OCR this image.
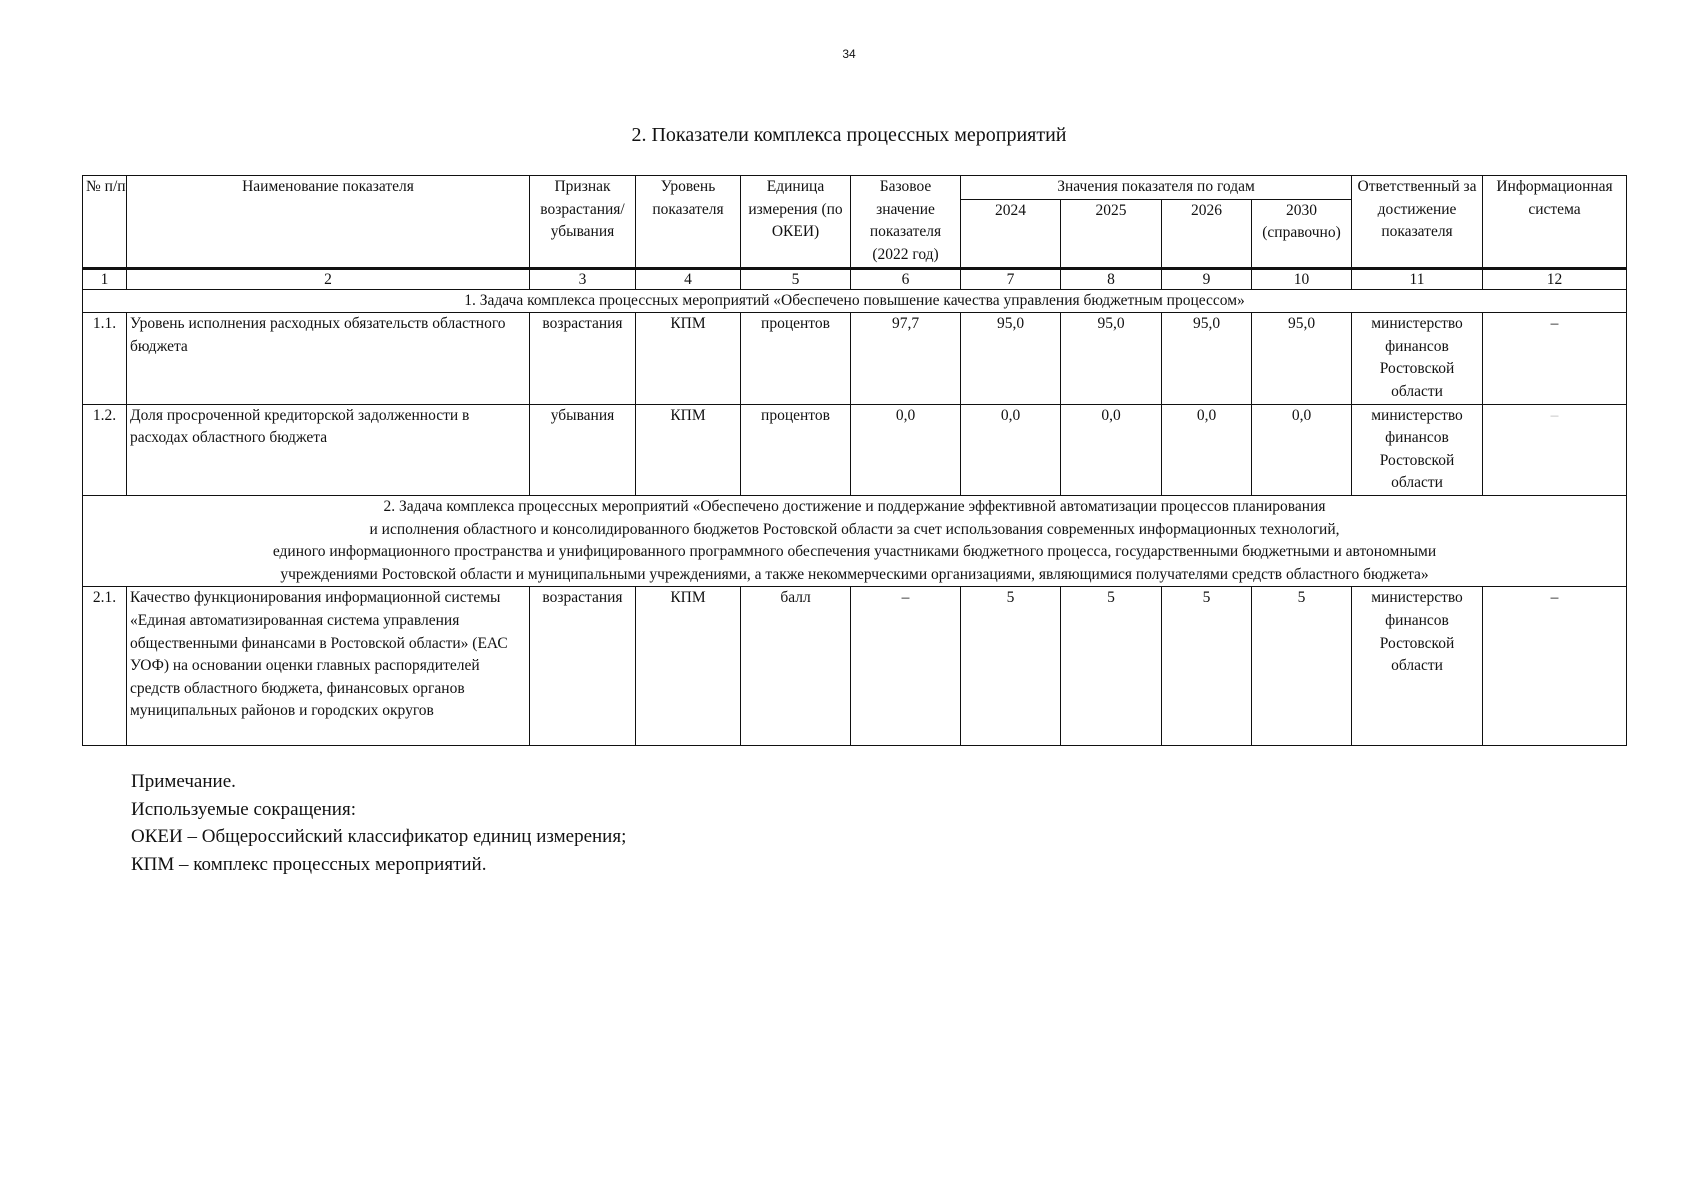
34
2. Показатели комплекса процессных мероприятий
№ п/п	Наименование показателя	Признак возрастания/ убывания	Уровень показателя	Единица измерения (по ОКЕИ)	Базовое значение показателя (2022 год)	Значения показателя по годам				Ответственный за достижение показателя	Информационная система
						2024	2025	2026	2030 (справочно)		
1	2	3	4	5	6	7	8	9	10	11	12
1. Задача комплекса процессных мероприятий «Обеспечено повышение качества управления бюджетным процессом»											
1.1.	Уровень исполнения расходных обязательств областного бюджета	возрастания	КПМ	процентов	97,7	95,0	95,0	95,0	95,0	министерство финансов Ростовской области	–
1.2.	Доля просроченной кредиторской задолженности в расходах областного бюджета	убывания	КПМ	процентов	0,0	0,0	0,0	0,0	0,0	министерство финансов Ростовской области	–

2. Задача комплекса процессных мероприятий «Обеспечено достижение и поддержание эффективной автоматизации процессов планирования
и исполнения областного и консолидированного бюджетов Ростовской области за счет использования современных информационных технологий,
единого информационного пространства и унифицированного программного обеспечения участниками бюджетного процесса, государственными бюджетными и автономными
учреждениями Ростовской области и муниципальными учреждениями, а также некоммерческими организациями, являющимися получателями средств областного бюджета»											

2.1.	Качество функционирования информационной системы «Единая автоматизированная система управления общественными финансами в Ростовской области» (ЕАС УОФ) на основании оценки главных распорядителей средств областного бюджета, финансовых органов муниципальных районов и городских округов	возрастания	КПМ	балл	–	5	5	5	5	министерство финансов Ростовской области	–
Примечание.
Используемые сокращения:
ОКЕИ – Общероссийский классификатор единиц измерения;
КПМ – комплекс процессных мероприятий.
